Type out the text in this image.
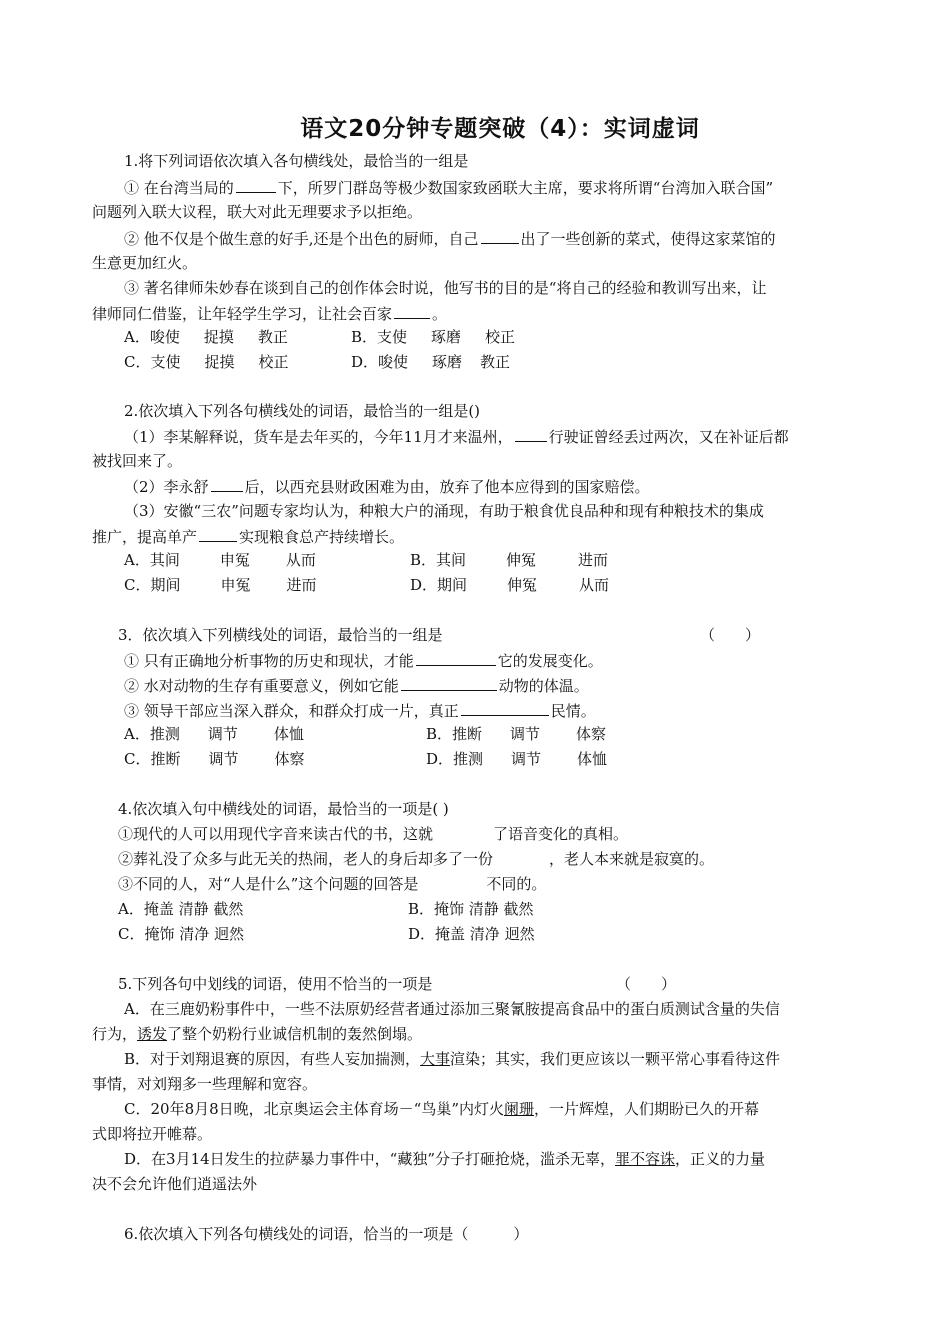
语文20分钟专题突破（4）：实词虚词
1.将下列词语依次填入各句横线处，最恰当的一组是
① 在台湾当局的	下，所罗门群岛等极少数国家致函联大主席，要求将所谓“台湾加入联合国”
问题列入联大议程，联大对此无理要求予以拒绝。
② 他不仅是个做生意的好手,还是个出色的厨师，自己	出了一些创新的菜式，使得这家菜馆的
生意更加红火。
③ 著名律师朱妙春在谈到自己的创作体会时说，他写书的目的是“将自己的经验和教训写出来，让
律师同仁借鉴，让年轻学生学习，让社会百家	。
A．唆使 捉摸 教正	B．支使 琢磨 校正
C．支使 捉摸 校正	D．唆使 琢磨 教正
2.依次填入下列各句横线处的词语，最恰当的一组是()
（1）李某解释说，货车是去年买的，今年11月才来温州， 行驶证曾经丢过两次，又在补证后都
被找回来了。
（2）李永舒 后，以西充县财政困难为由，放弃了他本应得到的国家赔偿。
（3）安徽“三农”问题专家均认为，种粮大户的涌现，有助于粮食优良品种和现有种粮技术的集成
推广，提高单产	实现粮食总产持续增长。
A．其间	申冤 从而	B．其间	伸冤	进而
C．期间	申冤 进而	D．期间	伸冤	从而
3．依次填入下列横线处的词语，最恰当的一组是	（　　）
① 只有正确地分析事物的历史和现状，才能	它的发展变化。
② 水对动物的生存有重要意义，例如它能	动物的体温。
③ 领导干部应当深入群众，和群众打成一片，真正	民情。
A．推测 调节 体恤	B．推断 调节 体察
C．推断 调节 体察	D．推测 调节 体恤
4.依次填入句中横线处的词语，最恰当的一项是( )
①现代的人可以用现代字音来读古代的书，这就	了语音变化的真相。
②葬礼没了众多与此无关的热闹，老人的身后却多了一份	，老人本来就是寂寞的。
③不同的人，对“人是什么”这个问题的回答是	不同的。
A．掩盖 清静 截然	B．掩饰 清静 截然
C．掩饰 清净 迥然	D．掩盖 清净 迥然
5.下列各句中划线的词语，使用不恰当的一项是	（　　）
A．在三鹿奶粉事件中，一些不法原奶经营者通过添加三聚氰胺提高食品中的蛋白质测试含量的失信
行为，诱发了整个奶粉行业诚信机制的轰然倒塌。
B．对于刘翔退赛的原因，有些人妄加揣测，大事渲染；其实，我们更应该以一颗平常心事看待这件
事情，对刘翔多一些理解和宽容。
C．20年8月8日晚，北京奥运会主体育场－“鸟巢”内灯火阑珊，一片辉煌，人们期盼已久的开幕
式即将拉开帷幕。
D．在3月14日发生的拉萨暴力事件中，“藏独”分子打砸抢烧，滥杀无辜，罪不容诛，正义的力量
决不会允许他们逍遥法外
6.依次填入下列各句横线处的词语，恰当的一项是（　　　）
